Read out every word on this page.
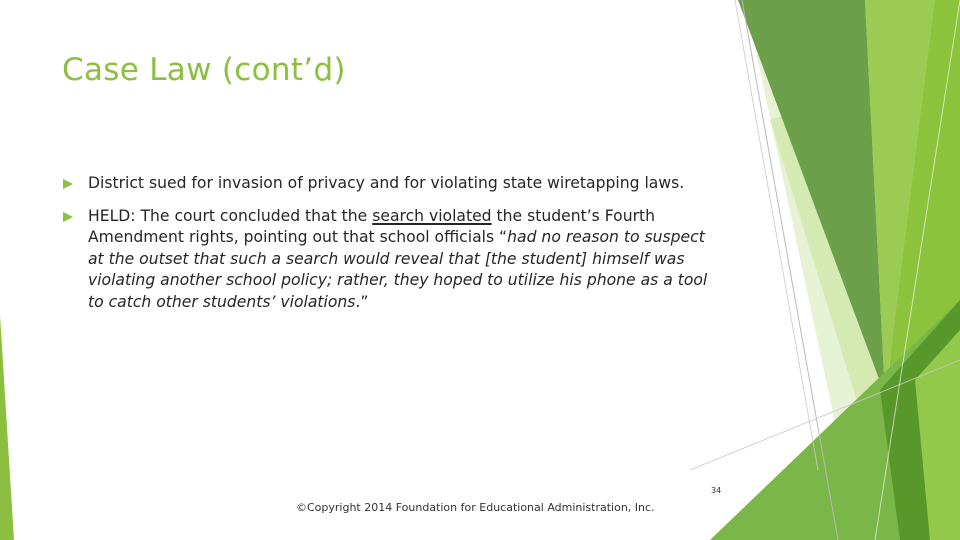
Case Law (cont’d)
District sued for invasion of privacy and for violating state wiretapping laws.
HELD: The court concluded that the search violated the student’s Fourth Amendment rights, pointing out that school officials “had no reason to suspect at the outset that such a search would reveal that [the student] himself was violating another school policy; rather, they hoped to utilize his phone as a tool to catch other students’ violations.”
34
©Copyright 2014 Foundation for Educational Administration, Inc.
